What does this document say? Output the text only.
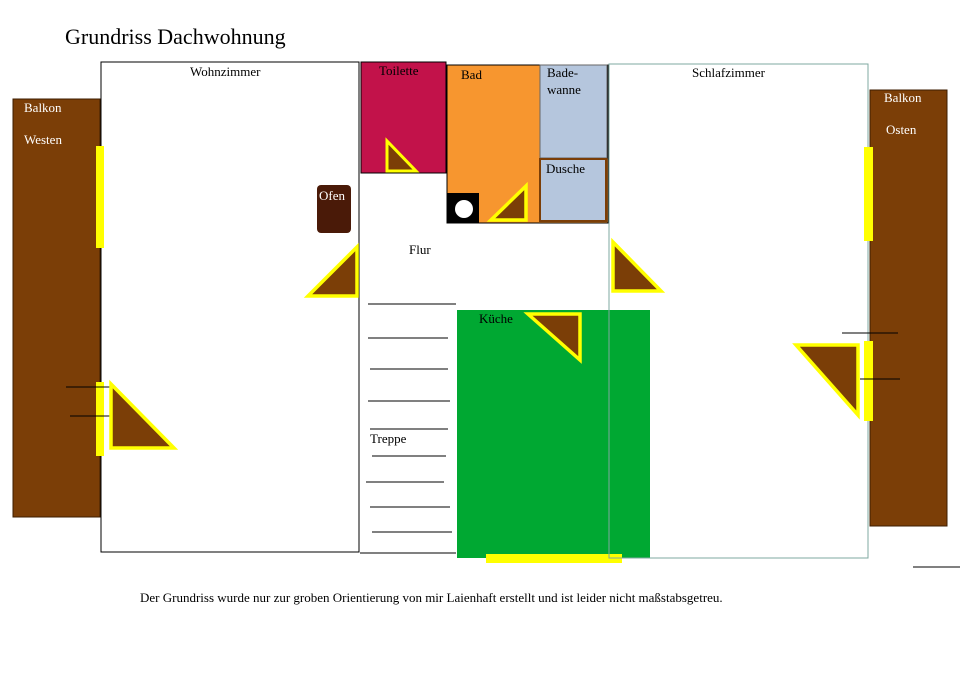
Grundriss Dachwohnung
Balkon
Westen
Wohnzimmer
Ofen
Toilette	Bad	Bade-
wanne
Dusche
Flur
Treppe
Küche
Schlafzimmer
Balkon
Osten
Der Grundriss wurde nur zur groben Orientierung von mir Laienhaft erstellt und ist leider nicht maßstabsgetreu.
